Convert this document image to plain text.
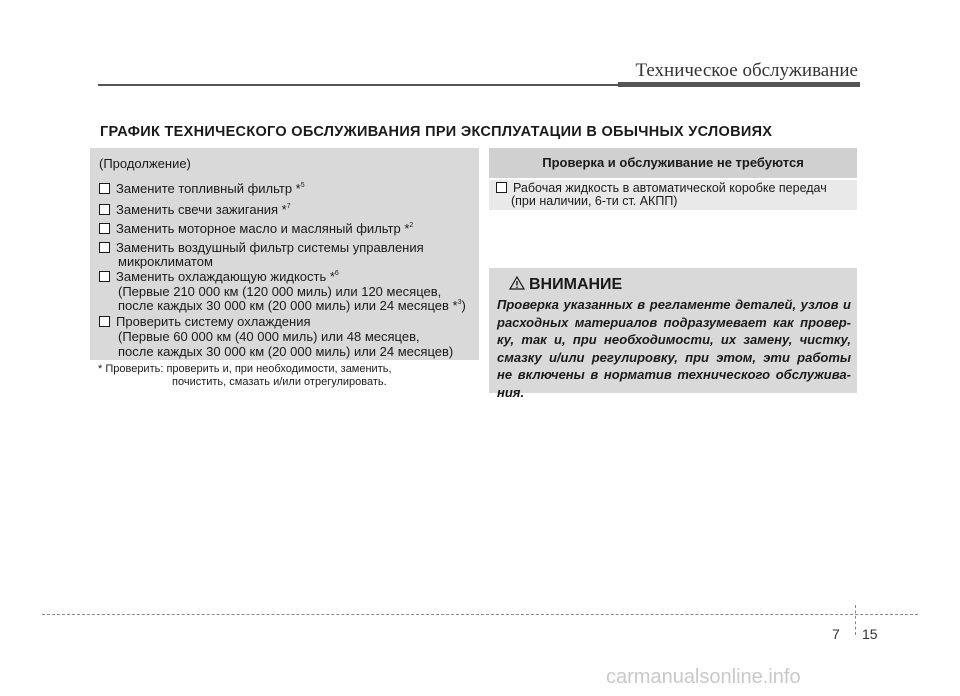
Техническое обслуживание
ГРАФИК ТЕХНИЧЕСКОГО ОБСЛУЖИВАНИЯ ПРИ ЭКСПЛУАТАЦИИ В ОБЫЧНЫХ УСЛОВИЯХ
(Продолжение)
Замените топливный фильтр *$^5$
Заменить свечи зажигания *$^7$
Заменить моторное масло и масляный фильтр *$^2$
Заменить воздушный фильтр системы управления
микроклиматом
Заменить охлаждающую жидкость *$^6$
(Первые 210 000 км (120 000 миль) или 120 месяцев,
после каждых 30 000 км (20 000 миль) или 24 месяцев *$^3$)
Проверить систему охлаждения
(Первые 60 000 км (40 000 миль) или 48 месяцев,
после каждых 30 000 км (20 000 миль) или 24 месяцев)
* Проверить: проверить и, при необходимости, заменить,
почистить, смазать и/или отрегулировать.
Проверка и обслуживание не требуются
Рабочая жидкость в автоматической коробке передач
(при наличии, 6-ти ст. АКПП)
ВНИМАНИЕ
Проверка указанных в регламенте деталей, узлов и
расходных материалов подразумевает как провер-
ку, так и, при необходимости, их замену, чистку,
смазку и/или регулировку, при этом, эти работы
не включены в норматив технического обслужива-
ния.
7 15
carmanualsonline.info
